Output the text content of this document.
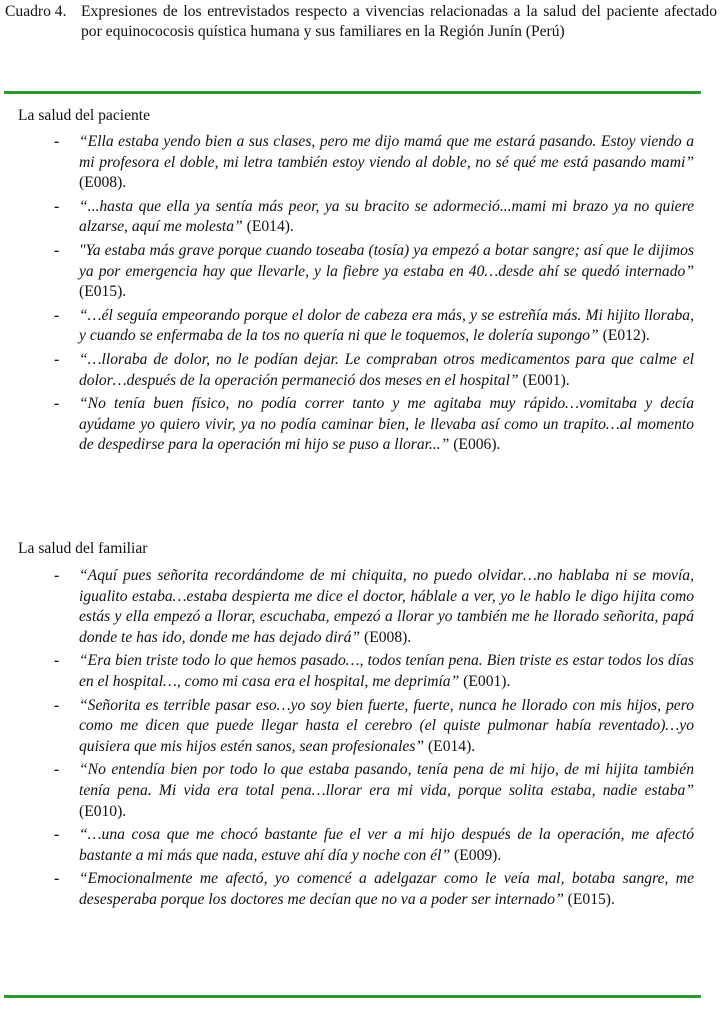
Cuadro 4. Expresiones de los entrevistados respecto a vivencias relacionadas a la salud del paciente afectado por equinococosis quística humana y sus familiares en la Región Junín (Perú)
La salud del paciente
- “Ella estaba yendo bien a sus clases, pero me dijo mamá que me estará pasando. Estoy viendo a mi profesora el doble, mi letra también estoy viendo al doble, no sé qué me está pasando mami” (E008).
- “...hasta que ella ya sentía más peor, ya su bracito se adormeció...mami mi brazo ya no quiere alzarse, aquí me molesta” (E014).
- "Ya estaba más grave porque cuando toseaba (tosía) ya empezó a botar sangre; así que le dijimos ya por emergencia hay que llevarle, y la fiebre ya estaba en 40…desde ahí se quedó internado” (E015).
- “…él seguía empeorando porque el dolor de cabeza era más, y se estreñía más. Mi hijito lloraba, y cuando se enfermaba de la tos no quería ni que le toquemos, le dolería supongo” (E012).
- “…lloraba de dolor, no le podían dejar. Le compraban otros medicamentos para que calme el dolor…después de la operación permaneció dos meses en el hospital” (E001).
- “No tenía buen físico, no podía correr tanto y me agitaba muy rápido…vomitaba y decía ayúdame yo quiero vivir, ya no podía caminar bien, le llevaba así como un trapito…al momento de despedirse para la operación mi hijo se puso a llorar...” (E006).
La salud del familiar
- “Aquí pues señorita recordándome de mi chiquita, no puedo olvidar…no hablaba ni se movía, igualito estaba…estaba despierta me dice el doctor, háblale a ver, yo le hablo le digo hijita como estás y ella empezó a llorar, escuchaba, empezó a llorar yo también me he llorado señorita, papá donde te has ido, donde me has dejado dirá” (E008).
- “Era bien triste todo lo que hemos pasado…, todos tenían pena. Bien triste es estar todos los días en el hospital…, como mi casa era el hospital, me deprimía” (E001).
- “Señorita es terrible pasar eso…yo soy bien fuerte, fuerte, nunca he llorado con mis hijos, pero como me dicen que puede llegar hasta el cerebro (el quiste pulmonar había reventado)…yo quisiera que mis hijos estén sanos, sean profesionales” (E014).
- “No entendía bien por todo lo que estaba pasando, tenía pena de mi hijo, de mi hijita también tenía pena. Mi vida era total pena…llorar era mi vida, porque solita estaba, nadie estaba” (E010).
- “…una cosa que me chocó bastante fue el ver a mi hijo después de la operación, me afectó bastante a mi más que nada, estuve ahí día y noche con él” (E009).
- “Emocionalmente me afectó, yo comencé a adelgazar como le veía mal, botaba sangre, me desesperaba porque los doctores me decían que no va a poder ser internado” (E015).
